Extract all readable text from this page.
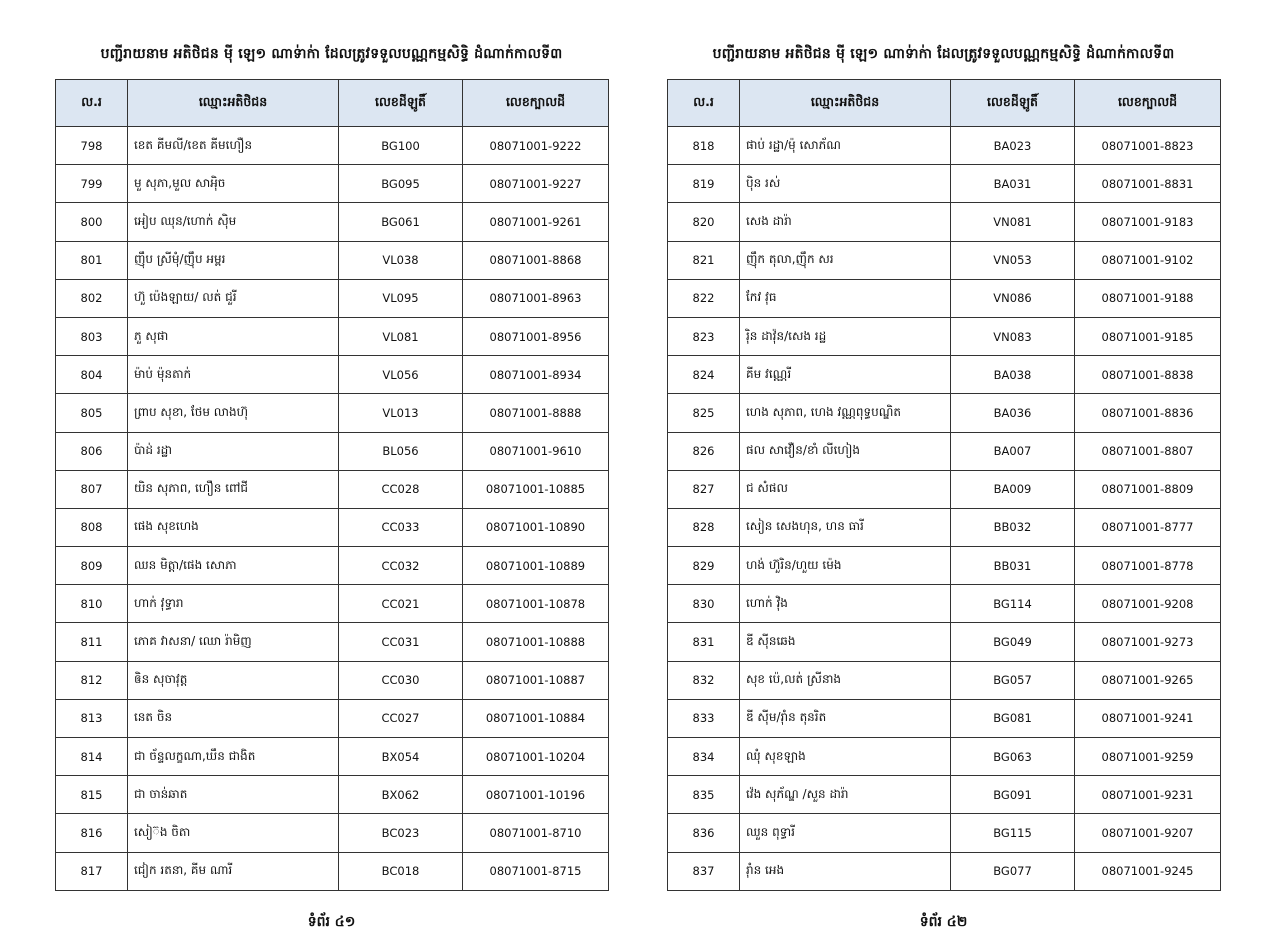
បញ្ជីរាយនាម អតិថិជន មុី ឡេ១ ណាទ់ាក់ា ដែលត្រូវទទួលបណ្ណកម្មសិទ្ធិ ដំណាក់កាលទី៣
ល.រ	ឈ្មោះអតិថិជន	លេខដីឡូតិ៍	លេខក្បាលដី
798	ខេត គីមលី/ខេត គីមហឿន	BG100	08071001-9222
799	មួ សុភា,មួល សាអុិច	BG095	08071001-9227
800	អៀប ឈុន/ហោក់ សុិម	BG061	08071001-9261
801	ញ៉ឹប ស្រីមុំ/ញ៉ឹប អម្ពរ	VL038	08071001-8868
802	ហ៊ួ ប៉េងឡាយ/ លត់ ជួរី	VL095	08071001-8963
803	ភួ សុផា	VL081	08071001-8956
804	ម៉ាប់ ម៉ុនតាក់	VL056	08071001-8934
805	ព្រាប សុខា, ថែម លាងហ៊ុ	VL013	08071001-8888
806	ប៉ាដ់ រដ្ឋា	BL056	08071001-9610
807	យិន សុភាព, ហឿន ពៅជី	CC028	08071001-10885
808	ផេង សុខហេង	CC033	08071001-10890
809	ឈន មិត្តា/ផេង សោភា	CC032	08071001-10889
810	ហាក់ វុទ្ធារា	CC021	08071001-10878
811	ភោគ វាសនា/ ឈោ រ៉ាមិញ	CC031	08071001-10888
812	ឲិន សុចាវុត្ត	CC030	08071001-10887
813	នេត ចិន	CC027	08071001-10884
814	ជា ច័ន្ទលក្ខណា,ឃឹន ជាងិត	BX054	08071001-10204
815	ជា ចាន់ឆាត	BX062	08071001-10196
816	សៀ៊ង ចិតា	BC023	08071001-8710
817	ជៀក រតនា, គីម ណារី	BC018	08071001-8715
ទំព័រ ៤១
បញ្ជីរាយនាម អតិថិជន មុី ឡេ១ ណាទ់ាក់ា ដែលត្រូវទទួលបណ្ណកម្មសិទ្ធិ ដំណាក់កាលទី៣
ល.រ	ឈ្មោះអតិថិជន	លេខដីឡូតិ៍	លេខក្បាលដី
818	ផាប់ រដ្ឋា/ម៉ុ សោភ័ណ	BA023	08071001-8823
819	ប៉ិន រស់	BA031	08071001-8831
820	សេង ដារ៉ា	VN081	08071001-9183
821	ញ៉ឹក តុលា,ញ៉ឹក សរ	VN053	08071001-9102
822	កែវ វុធ	VN086	08071001-9188
823	រ៉ិន ដាវ៉ុន/សេង រដ្ឋ	VN083	08071001-9185
824	គីម វណ្ណេរី	BA038	08071001-8838
825	ហេង សុភាព, ហេង វណ្ណពុទ្ធបណ្ឌិត	BA036	08071001-8836
826	ផល សាវឿន/ខាំ លីហៀង	BA007	08071001-8807
827	ជ សំផល	BA009	08071001-8809
828	សៀន សេងហុន, ហន ធារី	BB032	08071001-8777
829	ហង់ ហ៊ួរិន/ហួយ ម៉េង	BB031	08071001-8778
830	ហោក់ វ៉ិង	BG114	08071001-9208
831	ឌី សុីនឆេង	BG049	08071001-9273
832	សុខ ប៉េ,លត់ ស្រីនាង	BG057	08071001-9265
833	ឌី សុីម/រ៉ាំន តុនរិត	BG081	08071001-9241
834	ឈុំ សុខឡាង	BG063	08071001-9259
835	វ៉េង សុភ័ណ្ឌ /សួន ដារ៉ា	BG091	08071001-9231
836	ឈួន ពុទ្ធារី	BG115	08071001-9207
837	រ៉ាំន អេង	BG077	08071001-9245
ទំព័រ ៤២
